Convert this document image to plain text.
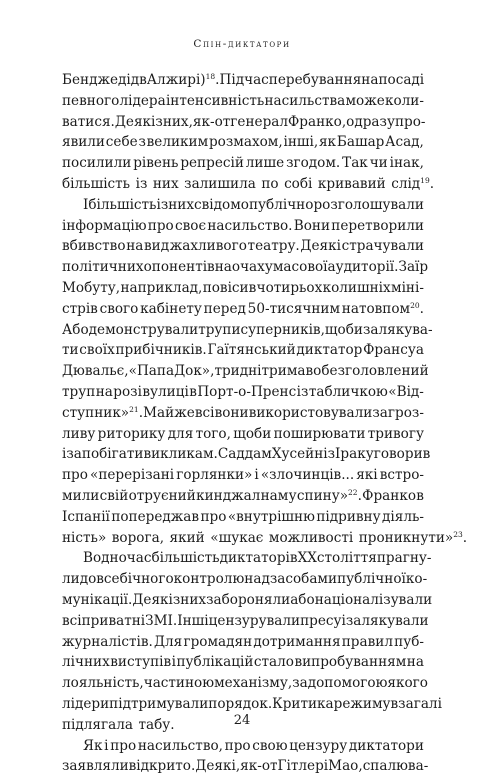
Спін-диктатори
Бенджедід в Алжирі)$^{18}$. Під час перебування на посаді
певного лідера інтенсивність насильства може коли-
ватися. Деякі з них, як-от генерал Франко, одразу про-
явили себе з великим розмахом, інші, як Башар Асад,
посилили рівень репресій лише згодом. Так чи інак,
більшість із них залишила по собі кривавий слід$^{19}$.
І більшість із них свідомо публічно розголошували
інформацію про своє насильство. Вони перетворили
вбивство на вид жахливого театру. Деякі страчували
політичних опонентів на очах у масової аудиторії. Заїр
Мобуту, наприклад, повісив чотирьох колишніх міні-
стрів свого кабінету перед 50-тисячним натовпом$^{20}$.
Або демонстрували трупи суперників, щоби залякува-
ти своїх прибічників. Гаїтянський диктатор Франсуа
Дювальє, «Папа Док», три дні тримав обезголовлений
труп на розі вулиці в Порт-о-Пренс із табличкою «Від-
ступник»$^{21}$. Майже всі вони використовували загроз-
ливу риторику для того, щоби поширювати тривогу
і запобігати викликам. Саддам Хусейн із Іраку говорив
про «перерізані горлянки» і «злочинців... які встро-
мили свій отруєний кинджал нам у спину»$^{22}$. Франко в
Іспанії попереджав про «внутрішню підривну діяль-
ність» ворога, який «шукає можливості проникнути»$^{23}$.
Водночас більшість диктаторів XX століття прагну-
ли до всебічного контролю над засобами публічної ко-
мунікації. Деякі з них забороняли або націоналізували
всі приватні ЗМІ. Інші цензурували пресу і залякували
журналістів. Для громадян дотримання правил пуб-
лічних виступів і публікацій стало випробуванням на
лояльність, частиною механізму, за допомогою якого
лідери підтримували порядок. Критика режиму взагалі
підлягала табу.
Як і про насильство, про свою цензуру диктатори
заявляли відкрито. Деякі, як-от Гітлер і Мао, спалюва-
24
